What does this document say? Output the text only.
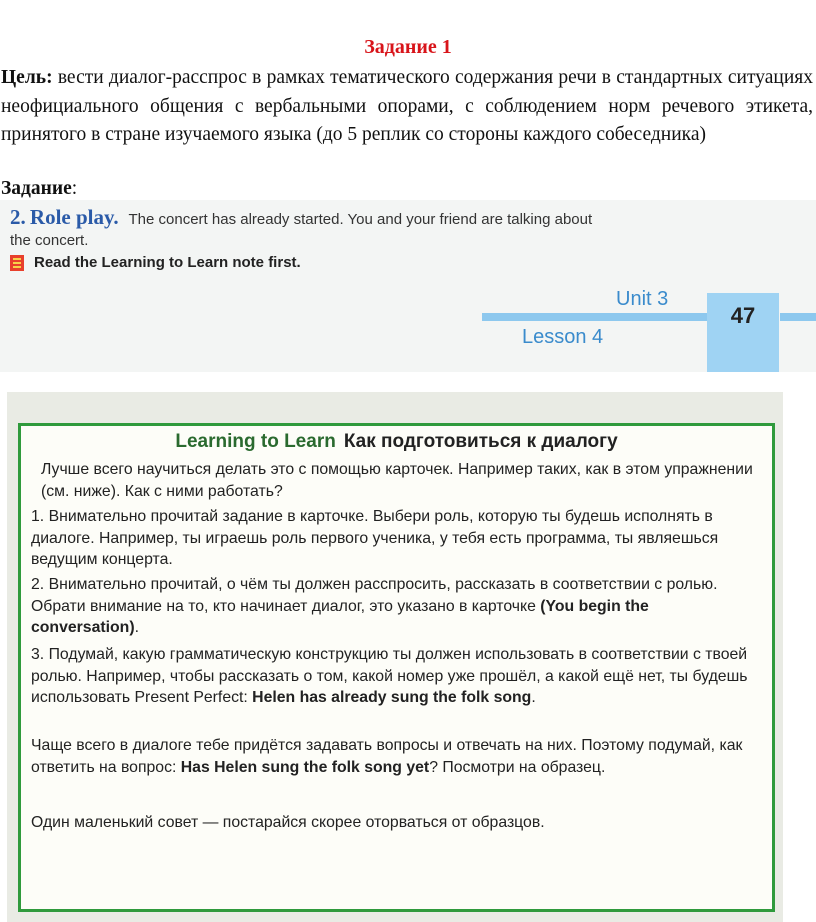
Задание 1

Цель: вести диалог-расспрос в рамках тематического содержания речи в стандартных ситуациях неофициального общения с вербальными опорами, с соблюдением норм речевого этикета, принятого в стране изучаемого языка (до 5 реплик со стороны каждого собеседника)

Задание:
2. Role play. The concert has already started. You and your friend are talking about
the concert.
Read the Learning to Learn note first.
Unit 3
Lesson 4
47
Learning to Learn Как подготовиться к диалогу

Лучше всего научиться делать это с помощью карточек. Например таких, как в этом упражнении (см. ниже). Как с ними работать?

1. Внимательно прочитай задание в карточке. Выбери роль, которую ты будешь исполнять в диалоге. Например, ты играешь роль первого ученика, у тебя есть программа, ты являешься ведущим концерта.

2. Внимательно прочитай, о чём ты должен расспросить, рассказать в соответствии с ролью. Обрати внимание на то, кто начинает диалог, это указано в карточке (You begin the conversation).

3. Подумай, какую грамматическую конструкцию ты должен использовать в соответствии с твоей ролью. Например, чтобы рассказать о том, какой номер уже прошёл, а какой ещё нет, ты будешь использовать Present Perfect: Helen has already sung the folk song.

Чаще всего в диалоге тебе придётся задавать вопросы и отвечать на них. Поэтому подумай, как ответить на вопрос: Has Helen sung the folk song yet? Посмотри на образец.

Один маленький совет — постарайся скорее оторваться от образцов.
